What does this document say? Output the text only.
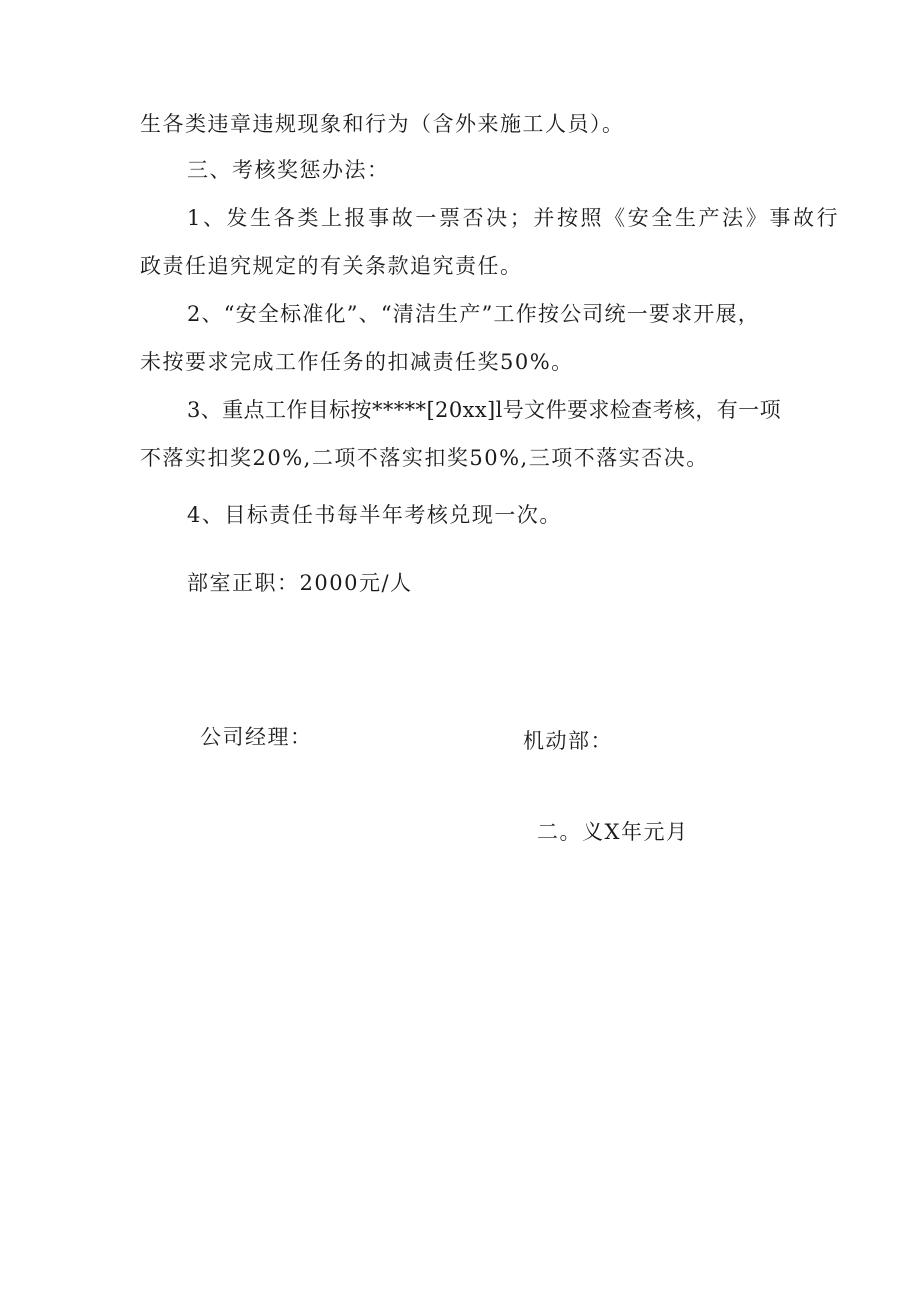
生各类违章违规现象和行为（含外来施工人员）。
三、考核奖惩办法：
1、发生各类上报事故一票否决；并按照《安全生产法》事故行
政责任追究规定的有关条款追究责任。
2、“安全标准化”、“清洁生产”工作按公司统一要求开展，
未按要求完成工作任务的扣减责任奖50%。
3、重点工作目标按*****[20xx]l号文件要求检查考核，有一项
不落实扣奖20%,二项不落实扣奖50%,三项不落实否决。
4、目标责任书每半年考核兑现一次。
部室正职：2000元/人
公司经理：	机动部：
二。义X年元月
